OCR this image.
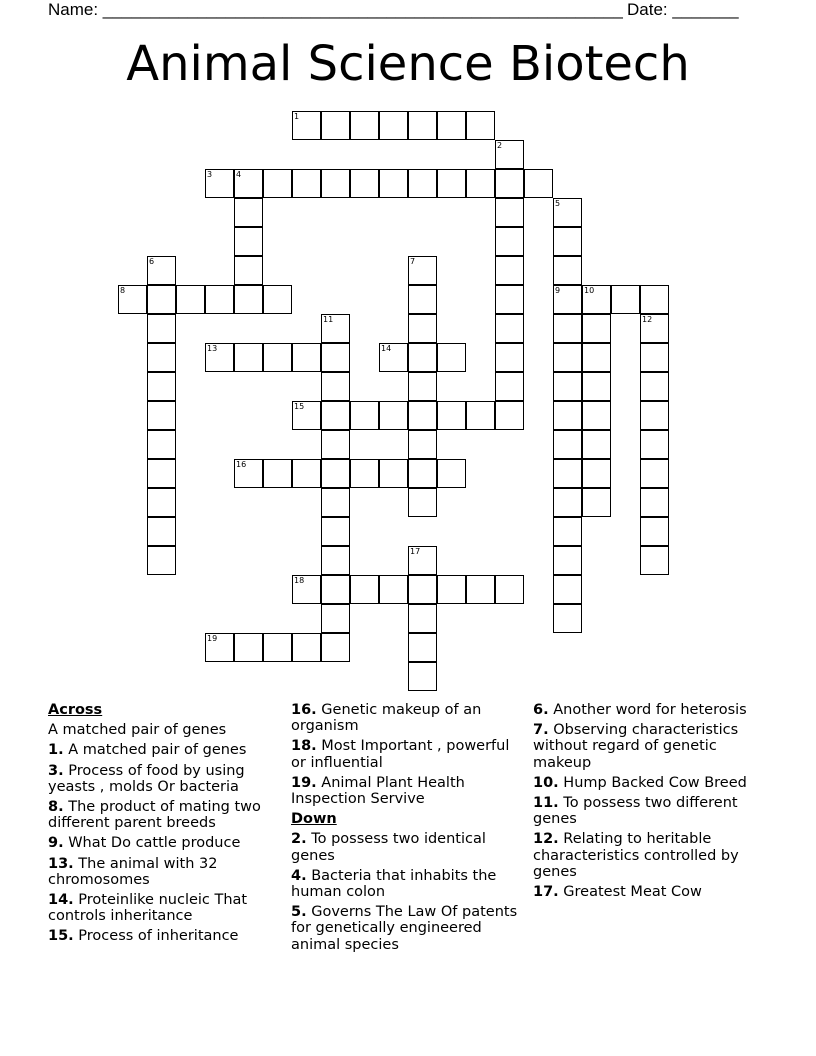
Name: _______________________________________________________ Date: _______
Animal Science Biotech
1
2
3	4
5
9
6	7
8	10
11	12
13	14
15
16
17
18
19
Across
A matched pair of genes
1. A matched pair of genes
3. Process of food by using yeasts , molds Or bacteria
8. The product of mating two different parent breeds
9. What Do cattle produce
13. The animal with 32 chromosomes
14. Proteinlike nucleic That controls inheritance
15. Process of inheritance
16. Genetic makeup of an organism
18. Most Important , powerful or influential
19. Animal Plant Health Inspection Servive
Down
2. To possess two identical genes
4. Bacteria that inhabits the human colon
5. Governs The Law Of patents for genetically engineered animal species
6. Another word for heterosis
7. Observing characteristics without regard of genetic makeup
10. Hump Backed Cow Breed
11. To possess two different genes
12. Relating to heritable characteristics controlled by genes
17. Greatest Meat Cow
